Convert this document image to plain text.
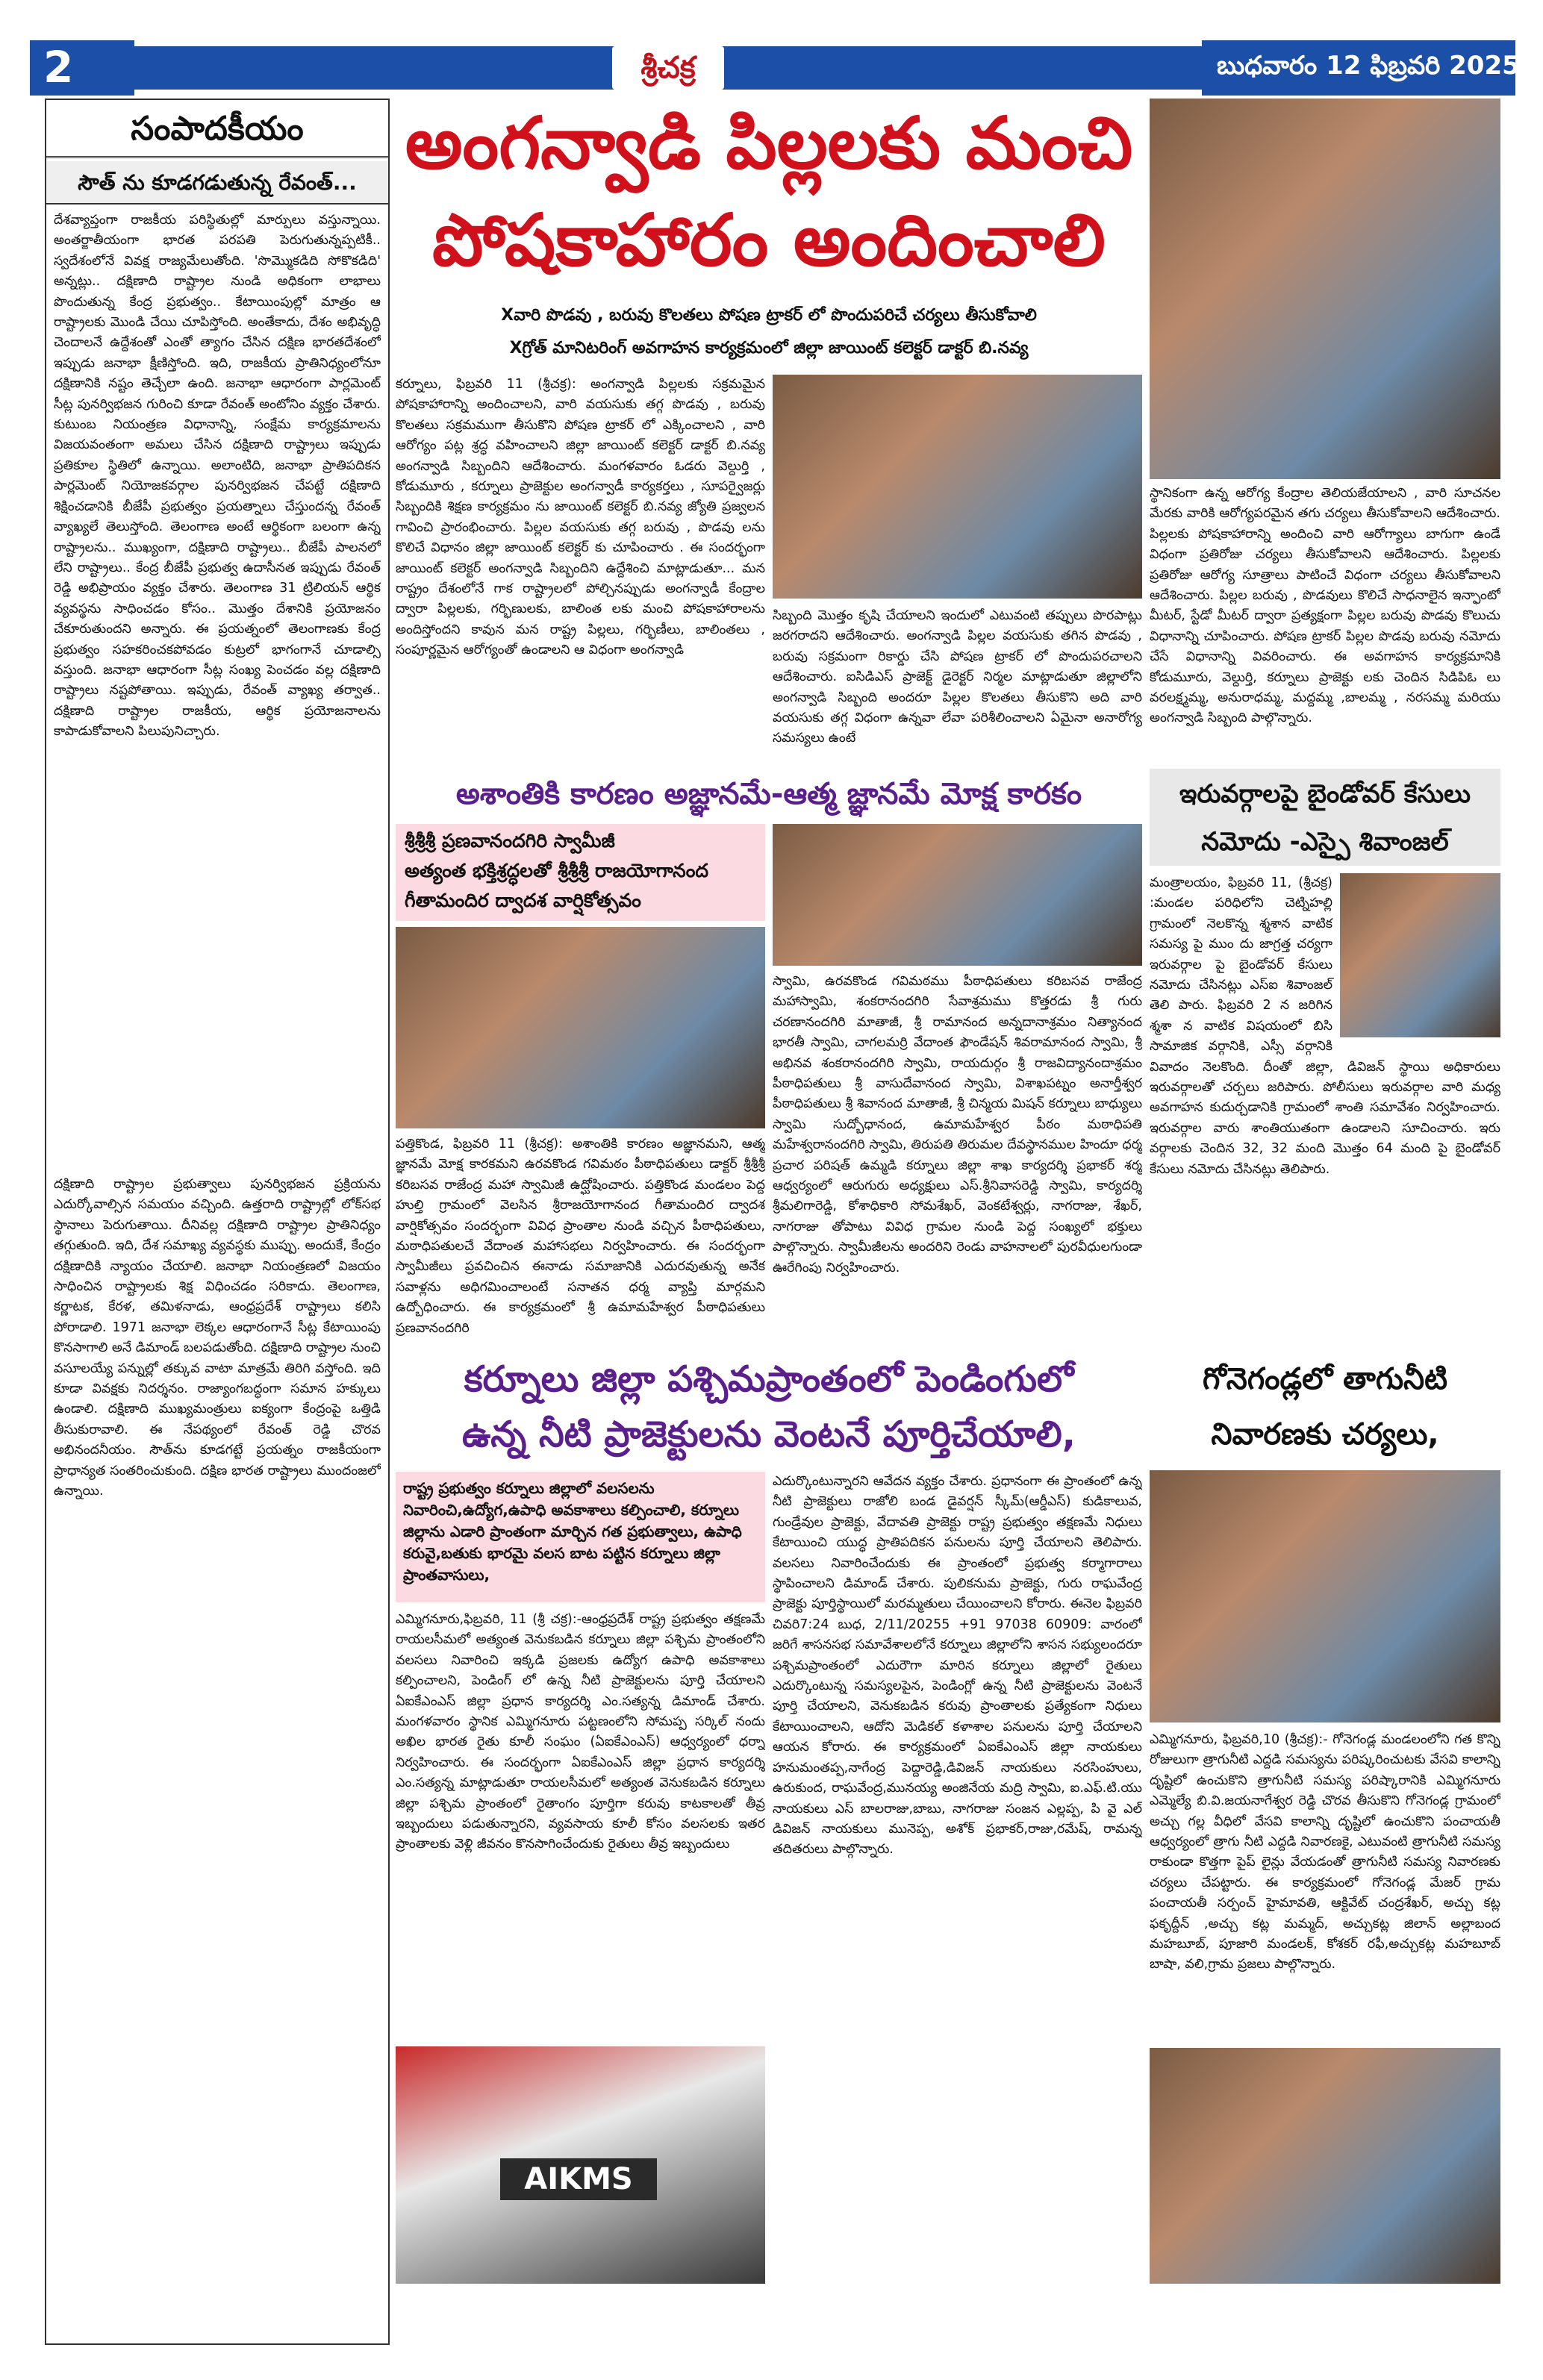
2	శ్రీచక్ర	బుధవారం 12 ఫిబ్రవరి 2025
సంపాదకీయం
సౌత్ ను కూడగడుతున్న రేవంత్...
దేశవ్యాప్తంగా రాజకీయ పరిస్థితుల్లో మార్పులు వస్తున్నాయి. అంతర్జాతీయంగా భారత పరపతి పెరుగుతున్నప్పటికీ.. స్వదేశంలోనే వివక్ష రాజ్యమేలుతోంది. 'సొమ్మొకడిది సోకొకడిది' అన్నట్లు.. దక్షిణాది రాష్ట్రాల నుండి అధికంగా లాభాలు పొందుతున్న కేంద్ర ప్రభుత్వం.. కేటాయింపుల్లో మాత్రం ఆ రాష్ట్రాలకు మొండి చేయి చూపిస్తోంది. అంతేకాదు, దేశం అభివృద్ధి చెందాలనే ఉద్దేశంతో ఎంతో త్యాగం చేసిన దక్షిణ భారతదేశంలో ఇప్పుడు జనాభా క్షీణిస్తోంది. ఇది, రాజకీయ ప్రాతినిధ్యంలోనూ దక్షిణానికి నష్టం తెచ్చేలా ఉంది. జనాభా ఆధారంగా పార్లమెంట్ సీట్ల పునర్విభజన గురించి కూడా రేవంత్ అంటోనిం వ్యక్తం చేశారు. కుటుంబ నియంత్రణ విధానాన్ని, సంక్షేమ కార్యక్రమాలను విజయవంతంగా అమలు చేసిన దక్షిణాది రాష్ట్రాలు ఇప్పుడు ప్రతికూల స్థితిలో ఉన్నాయి. అలాంటిది, జనాభా ప్రాతిపదికన పార్లమెంట్ నియోజకవర్గాల పునర్విభజన చేపట్టే దక్షిణాది శిక్షించడానికి బీజేపీ ప్రభుత్వం ప్రయత్నాలు చేస్తుందన్న రేవంత్ వ్యాఖ్యలే తెలుస్తోంది. తెలంగాణ అంటే ఆర్థికంగా బలంగా ఉన్న రాష్ట్రాలను.. ముఖ్యంగా, దక్షిణాది రాష్ట్రాలు.. బీజేపీ పాలనలో లేని రాష్ట్రాలు.. కేంద్ర బీజేపీ ప్రభుత్వ ఉదాసీనత ఇప్పుడు రేవంత్ రెడ్డి అభిప్రాయం వ్యక్తం చేశారు. తెలంగాణ 31 ట్రిలియన్ ఆర్థిక వ్యవస్థను సాధించడం కోసం.. మొత్తం దేశానికి ప్రయోజనం చేకూరుతుందని అన్నారు. ఈ ప్రయత్నంలో తెలంగాణకు కేంద్ర ప్రభుత్వం సహకరించకపోవడం కుట్రలో భాగంగానే చూడాల్సి వస్తుంది. జనాభా ఆధారంగా సీట్ల సంఖ్య పెంచడం వల్ల దక్షిణాది రాష్ట్రాలు నష్టపోతాయి. ఇప్పుడు, రేవంత్ వ్యాఖ్య తర్వాత.. దక్షిణాది రాష్ట్రాల రాజకీయ, ఆర్థిక ప్రయోజనాలను కాపాడుకోవాలని పిలుపునిచ్చారు.
దక్షిణాది రాష్ట్రాల ప్రభుత్వాలు పునర్విభజన ప్రక్రియను ఎదుర్కోవాల్సిన సమయం వచ్చింది. ఉత్తరాది రాష్ట్రాల్లో లోక్‌సభ స్థానాలు పెరుగుతాయి. దీనివల్ల దక్షిణాది రాష్ట్రాల ప్రాతినిధ్యం తగ్గుతుంది. ఇది, దేశ సమాఖ్య వ్యవస్థకు ముప్పు. అందుకే, కేంద్రం దక్షిణాదికి న్యాయం చేయాలి. జనాభా నియంత్రణలో విజయం సాధించిన రాష్ట్రాలకు శిక్ష విధించడం సరికాదు. తెలంగాణ, కర్ణాటక, కేరళ, తమిళనాడు, ఆంధ్రప్రదేశ్ రాష్ట్రాలు కలిసి పోరాడాలి. 1971 జనాభా లెక్కల ఆధారంగానే సీట్ల కేటాయింపు కొనసాగాలి అనే డిమాండ్ బలపడుతోంది. దక్షిణాది రాష్ట్రాల నుంచి వసూలయ్యే పన్నుల్లో తక్కువ వాటా మాత్రమే తిరిగి వస్తోంది. ఇది కూడా వివక్షకు నిదర్శనం. రాజ్యాంగబద్ధంగా సమాన హక్కులు ఉండాలి. దక్షిణాది ముఖ్యమంత్రులు ఐక్యంగా కేంద్రంపై ఒత్తిడి తీసుకురావాలి. ఈ నేపథ్యంలో రేవంత్ రెడ్డి చొరవ అభినందనీయం. సౌత్‌ను కూడగట్టే ప్రయత్నం రాజకీయంగా ప్రాధాన్యత సంతరించుకుంది. దక్షిణ భారత రాష్ట్రాలు ముందంజలో ఉన్నాయి.
అంగన్వాడి పిల్లలకు మంచి
పోషకాహారం అందించాలి
Xవారి పొడవు , బరువు కొలతలు పోషణ ట్రాకర్ లో పొందుపరిచే చర్యలు తీసుకోవాలి
Xగ్రోత్ మానిటరింగ్ అవగాహన కార్యక్రమంలో జిల్లా జాయింట్ కలెక్టర్ డాక్టర్ బి.నవ్య
కర్నూలు, ఫిబ్రవరి 11 (శ్రీచక్ర): అంగన్వాడి పిల్లలకు సక్రమమైన పోషకాహారాన్ని అందించాలని, వారి వయసుకు తగ్గ పొడవు , బరువు కొలతలు సక్రమముగా తీసుకొని పోషణ ట్రాకర్ లో ఎక్కించాలని , వారి ఆరోగ్యం పట్ల శ్రద్ధ వహించాలని జిల్లా జాయింట్ కలెక్టర్ డాక్టర్ బి.నవ్య అంగన్వాడి సిబ్బందిని ఆదేశించారు. మంగళవారం ఓడరు వెల్దుర్తి , కోడుమూరు , కర్నూలు ప్రాజెక్టుల అంగన్వాడీ కార్యకర్తలు , సూపర్వైజర్లు సిబ్బందికి శిక్షణ కార్యక్రమం ను జాయింట్ కలెక్టర్ బి.నవ్య జ్యోతి ప్రజ్వలన గావించి ప్రారంభించారు. పిల్లల వయసుకు తగ్గ బరువు , పొడవు లను కొలిచే విధానం జిల్లా జాయింట్ కలెక్టర్ కు చూపించారు . ఈ సందర్భంగా జాయింట్ కలెక్టర్ అంగన్వాడి సిబ్బందిని ఉద్దేశించి మాట్లాడుతూ... మన రాష్ట్రం దేశంలోనే గాక రాష్ట్రాలలో పోల్చినప్పుడు అంగన్వాడీ కేంద్రాల ద్వారా పిల్లలకు, గర్భిణులకు, బాలింత లకు మంచి పోషకాహారాలను అందిస్తోందని కావున మన రాష్ట్ర పిల్లలు, గర్భిణీలు, బాలింతలు , సంపూర్ణమైన ఆరోగ్యంతో ఉండాలని ఆ విధంగా అంగన్వాడి
సిబ్బంది మొత్తం కృషి చేయాలని ఇందులో ఎటువంటి తప్పులు పొరపాట్లు జరగరాదని ఆదేశించారు. అంగన్వాడి పిల్లల వయసుకు తగిన పొడవు , బరువు సక్రమంగా రికార్డు చేసి పోషణ ట్రాకర్ లో పొందుపరచాలని ఆదేశించారు. ఐసిడిఎస్ ప్రాజెక్ట్ డైరెక్టర్ నిర్మల మాట్లాడుతూ జిల్లాలోని అంగన్వాడి సిబ్బంది అందరూ పిల్లల కొలతలు తీసుకొని అది వారి వయసుకు తగ్గ విధంగా ఉన్నవా లేవా పరిశీలించాలని ఏమైనా అనారోగ్య సమస్యలు ఉంటే
స్థానికంగా ఉన్న ఆరోగ్య కేంద్రాల తెలియజేయాలని , వారి సూచనల మేరకు వారికి ఆరోగ్యపరమైన తగు చర్యలు తీసుకోవాలని ఆదేశించారు. పిల్లలకు పోషకాహారాన్ని అందించి వారి ఆరోగ్యాలు బాగుగా ఉండే విధంగా ప్రతిరోజు చర్యలు తీసుకోవాలని ఆదేశించారు. పిల్లలకు ప్రతిరోజు ఆరోగ్య సూత్రాలు పాటించే విధంగా చర్యలు తీసుకోవాలని ఆదేశించారు. పిల్లల బరువు , పొడవులు కొలిచే సాధనాలైన ఇన్ఫాంటో మీటర్, స్టేడో మీటర్ ద్వారా ప్రత్యక్షంగా పిల్లల బరువు పొడవు కొలుచు విధానాన్ని చూపించారు. పోషణ ట్రాకర్ పిల్లల పొడవు బరువు నమోదు చేసే విధానాన్ని వివరించారు. ఈ అవగాహన కార్యక్రమానికి కోడుమూరు, వెల్దుర్తి, కర్నూలు ప్రాజెక్టు లకు చెందిన సిడిపిఓ లు వరలక్ష్మమ్మ, అనురాధమ్మ, మద్దమ్మ ,బాలమ్మ , నరసమ్మ మరియు అంగన్వాడి సిబ్బంది పాల్గొన్నారు.
అశాంతికి కారణం అజ్ఞానమే-ఆత్మ జ్ఞానమే మోక్ష కారకం
శ్రీశ్రీశ్రీ ప్రణవానందగిరి స్వామీజీ
అత్యంత భక్తిశ్రద్ధలతో శ్రీశ్రీశ్రీ రాజయోగానంద
గీతామందిర ద్వాదశ వార్షికోత్సవం
పత్తికొండ, ఫిబ్రవరి 11 (శ్రీచక్ర): అశాంతికి కారణం అజ్ఞానమని, ఆత్మ జ్ఞానమే మోక్ష కారకమని ఉరవకొండ గవిమఠం పీఠాధిపతులు డాక్టర్ శ్రీశ్రీశ్రీ కరిబసవ రాజేంద్ర మహా స్వామిజీ ఉద్ఘోషించారు. పత్తికొండ మండలం పెద్ద హుల్తి గ్రామంలో వెలసిన శ్రీరాజయోగానంద గీతామందిర ద్వాదశ వార్షికోత్సవం సందర్భంగా వివిధ ప్రాంతాల నుండి వచ్చిన పీఠాధిపతులు, మఠాధిపతులచే వేదాంత మహాసభలు నిర్వహించారు. ఈ సందర్భంగా స్వామీజీలు ప్రవచించిన ఈనాడు సమాజానికి ఎదురవుతున్న అనేక సవాళ్లను అధిగమించాలంటే సనాతన ధర్మ వ్యాప్తి మార్గమని ఉద్బోధించారు. ఈ కార్యక్రమంలో శ్రీ ఉమామహేశ్వర పీఠాధిపతులు ప్రణవానందగిరి
స్వామి, ఉరవకొండ గవిమఠము పీఠాధిపతులు కరిబసవ రాజేంద్ర మహాస్వామి, శంకరానందగిరి సేవాశ్రమము కొత్తరడు శ్రీ గురు చరణానందగిరి మాతాజీ, శ్రీ రామానంద అన్నదానాశ్రమం నిత్యానంద భారతీ స్వామి, చాగలమర్రి వేదాంత ఫౌండేషన్ శివరామానంద స్వామి, శ్రీ అభినవ శంకరానందగిరి స్వామి, రాయదుర్గం శ్రీ రాజవిద్యానందాశ్రమం పీఠాధిపతులు శ్రీ వాసుదేవానంద స్వామి, విశాఖపట్నం అనార్తీశ్వర పీఠాధిపతులు శ్రీ శివానంద మాతాజీ, శ్రీ చిన్మయ మిషన్ కర్నూలు బాధ్యులు స్వామి సుద్బోధానంద, ఉమామహేశ్వర పీఠం మఠాధిపతి మహేశ్వరానందగిరి స్వామి, తిరుపతి తిరుమల దేవస్థానముల హిందూ ధర్మ ప్రచార పరిషత్ ఉమ్మడి కర్నూలు జిల్లా శాఖ కార్యదర్శి ప్రభాకర్ శర్మ ఆధ్వర్యంలో ఆరుగురు అధ్యక్షులు ఎస్.శ్రీనివాసరెడ్డి స్వామి, కార్యదర్శి శ్రీమలిగారెడ్డి, కోశాధికారి సోమశేఖర్, వెంకటేశ్వర్లు, నాగరాజు, శేఖర్, నాగరాజు తోపాటు వివిధ గ్రామల నుండి పెద్ద సంఖ్యలో భక్తులు పాల్గొన్నారు. స్వామీజీలను అందరిని రెండు వాహనాలలో పురవీధులగుండా ఊరేగింపు నిర్వహించారు.
ఇరువర్గాలపై బైండోవర్ కేసులు నమోదు -ఎస్పై శివాంజల్
మంత్రాలయం, ఫిబ్రవరి 11, (శ్రీచక్ర) :మండల పరిధిలోని చెట్నిహల్లి గ్రామంలో నెలకొన్న శ్మశాన వాటిక సమస్య పై ముం దు జాగ్రత్త చర్యగా ఇరువర్గాల పై బైండోవర్ కేసులు నమోదు చేసినట్లు ఎస్ఐ శివాంజల్ తెలి పారు. ఫిబ్రవరి 2 న జరిగిన శ్మశా న వాటిక విషయంలో బిసి సామాజిక వర్గానికి, ఎస్సీ వర్గానికి వివాదం నెలకొంది. దీంతో జిల్లా, డివిజన్ స్థాయి అధికారులు ఇరువర్గాలతో చర్చలు జరిపారు. పోలీసులు ఇరువర్గాల వారి మధ్య అవగాహన కుదుర్చడానికి గ్రామంలో శాంతి సమావేశం నిర్వహించారు. ఇరువర్గాల వారు శాంతియుతంగా ఉండాలని సూచించారు. ఇరు వర్గాలకు చెందిన 32, 32 మంది మొత్తం 64 మంది పై బైండోవర్ కేసులు నమోదు చేసినట్లు తెలిపారు.
కర్నూలు జిల్లా పశ్చిమప్రాంతంలో పెండింగులో
ఉన్న నీటి ప్రాజెక్టులను వెంటనే పూర్తిచేయాలి,
రాష్ట్ర ప్రభుత్వం కర్నూలు జిల్లాలో వలసలను నివారించి,ఉద్యోగ,ఉపాధి అవకాశాలు కల్పించాలి, కర్నూలు జిల్లాను ఎడారి ప్రాంతంగా మార్చిన గత ప్రభుత్వాలు, ఉపాధి కరువై,బతుకు భారమై వలస బాట పట్టిన కర్నూలు జిల్లా ప్రాంతవాసులు,
ఎమ్మిగనూరు,ఫిబ్రవరి, 11 (శ్రీ చక్ర):-ఆంధ్రప్రదేశ్ రాష్ట్ర ప్రభుత్వం తక్షణమే రాయలసీమలో అత్యంత వెనుకబడిన కర్నూలు జిల్లా పశ్చిమ ప్రాంతంలోని వలసలు నివారించి ఇక్కడి ప్రజలకు ఉద్యోగ ఉపాధి అవకాశాలు కల్పించాలని, పెండింగ్ లో ఉన్న నీటి ప్రాజెక్టులను పూర్తి చేయాలని ఏఐకేఎంఎస్ జిల్లా ప్రధాన కార్యదర్శి ఎం.సత్యన్న డిమాండ్ చేశారు. మంగళవారం స్థానిక ఎమ్మిగనూరు పట్టణంలోని సోమప్ప సర్కిల్ నందు అఖిల భారత రైతు కూలీ సంఘం (ఏఐకేఎంఎస్) ఆధ్వర్యంలో ధర్నా నిర్వహించారు. ఈ సందర్భంగా ఏఐకేఎంఎస్ జిల్లా ప్రధాన కార్యదర్శి ఎం.సత్యన్న మాట్లాడుతూ రాయలసీమలో అత్యంత వెనుకబడిన కర్నూలు జిల్లా పశ్చిమ ప్రాంతంలో రైతాంగం పూర్తిగా కరువు కాటకాలతో తీవ్ర ఇబ్బందులు పడుతున్నారని, వ్యవసాయ కూలీ కోసం వలసలకు ఇతర ప్రాంతాలకు వెళ్లి జీవనం కొనసాగించేందుకు రైతులు తీవ్ర ఇబ్బందులు
AIKMS
ఎదుర్కొంటున్నారని ఆవేదన వ్యక్తం చేశారు. ప్రధానంగా ఈ ప్రాంతంలో ఉన్న నీటి ప్రాజెక్టులు రాజోలి బండ డైవర్షన్ స్కీమ్(ఆర్డీఎస్) కుడికాలువ, గుండ్రేవుల ప్రాజెక్టు, వేదావతి ప్రాజెక్టు రాష్ట్ర ప్రభుత్వం తక్షణమే నిధులు కేటాయించి యుద్ధ ప్రాతిపదికన పనులను పూర్తి చేయాలని తెలిపారు. వలసలు నివారించేందుకు ఈ ప్రాంతంలో ప్రభుత్వ కర్మాగారాలు స్థాపించాలని డిమాండ్ చేశారు. పులికనుమ ప్రాజెక్టు, గురు రాఘవేంద్ర ప్రాజెక్టు పూర్తిస్థాయిలో మరమ్మతులు చేయించాలని కోరారు. ఈనెల ఫిబ్రవరి చివరి7:24 బుధ, 2/11/20255 +91 97038 60909: వారంలో జరిగే శాసనసభ సమావేశాలలోనే కర్నూలు జిల్లాలోని శాసన సభ్యులందరూ పశ్చిమప్రాంతంలో ఎదురౌగా మారిన కర్నూలు జిల్లాలో రైతులు ఎదుర్కొంటున్న సమస్యలపైన, పెండింగ్లో ఉన్న నీటి ప్రాజెక్టులను వెంటనే పూర్తి చేయాలని, వెనుకబడిన కరువు ప్రాంతాలకు ప్రత్యేకంగా నిధులు కేటాయించాలని, ఆదోని మెడికల్ కళాశాల పనులను పూర్తి చేయాలని ఆయన కోరారు. ఈ కార్యక్రమంలో ఏఐకేఎంఎస్ జిల్లా నాయకులు హనుమంతప్ప,నాగేంద్ర పెద్దారెడ్డి,డివిజన్ నాయకులు నరసింహులు, ఉరుకుంద, రాఘవేంద్ర,మునయ్య అంజినేయ మద్రి స్వామి, ఐ.ఎఫ్.టి.యు నాయకులు ఎస్ బాలరాజు,బాబు, నాగరాజు సంజన ఎల్లప్ప, పి వై ఎల్ డివిజన్ నాయకులు మునెప్ప, అశోక్ ప్రభాకర్,రాజు,రమేష్, రామన్న తదితరులు పాల్గొన్నారు.
గోనెగండ్లలో తాగునీటి
నివారణకు చర్యలు,
ఎమ్మిగనూరు, ఫిబ్రవరి,10 (శ్రీచక్ర):- గోనెగండ్ల మండలంలోని గత కొన్ని రోజులుగా త్రాగునీటి ఎద్దడి సమస్యను పరిష్కరించుటకు వేసవి కాలాన్ని దృష్టిలో ఉంచుకొని త్రాగునీటి సమస్య పరిష్కారానికి ఎమ్మిగనూరు ఎమ్మెల్యే బి.వి.జయనాగేశ్వర రెడ్డి చొరవ తీసుకొని గోనెగండ్ల గ్రామంలో అచ్చు గల్ల వీధిలో వేసవి కాలాన్ని దృష్టిలో ఉంచుకొని పంచాయతీ ఆధ్వర్యంలో త్రాగు నీటి ఎద్దడి నివారణకై, ఎటువంటి త్రాగునీటి సమస్య రాకుండా కొత్తగా పైప్ లైన్లు వేయడంతో త్రాగునీటి సమస్య నివారణకు చర్యలు చేపట్టారు. ఈ కార్యక్రమంలో గోనెగండ్ల మేజర్ గ్రామ పంచాయతీ సర్పంచ్ హైమావతి, ఆక్టివేట్ చంద్రశేఖర్, అచ్చు కట్ల ఫకృద్దీన్ ,అచ్చు కట్ల మమ్మద్, అచ్చుకట్ల జిలాన్ అల్లాబంద మహబూబ్, పూజారి మండలక్, కోశకర్ రఫీ,అచ్చుకట్ల మహబూబ్ బాషా, వలి,గ్రామ ప్రజలు పాల్గొన్నారు.
